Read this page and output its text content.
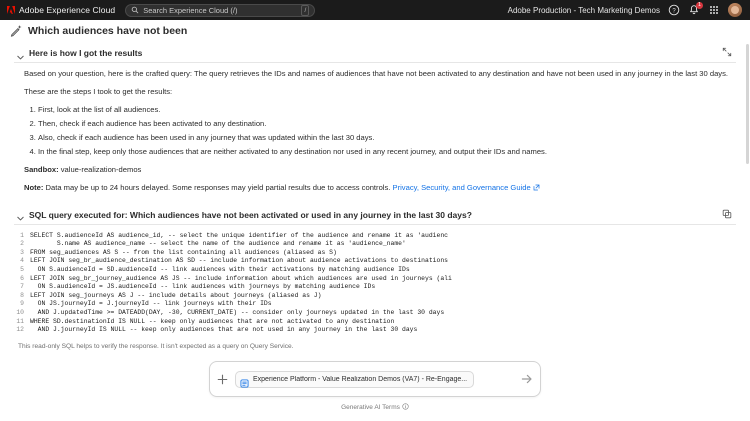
Adobe Experience Cloud	Search Experience Cloud (/)	/	Adobe Production - Tech Marketing Demos ?
1
Which audiences have not been
Here is how I got the results

Based on your question, here is the crafted query: The query retrieves the IDs and names of audiences that have not been activated to any destination and have not been used in any journey in the last 30 days.

These are the steps I took to get the results:

1. First, look at the list of all audiences.
2. Then, check if each audience has been activated to any destination.
3. Also, check if each audience has been used in any journey that was updated within the last 30 days.
4. In the final step, keep only those audiences that are neither activated to any destination nor used in any recent journey, and output their IDs and names.

Sandbox: value-realization-demos

Note: Data may be up to 24 hours delayed. Some responses may yield partial results due to access controls. Privacy, Security, and Governance Guide

SQL query executed for: Which audiences have not been activated or used in any journey in the last 30 days?
1 SELECT S.audienceId AS audience_id, -- select the unique identifier of the audience and rename it as 'audienc
2 S.name AS audience_name -- select the name of the audience and rename it as 'audience_name'
3 FROM seg_audiences AS S -- from the list containing all audiences (aliased as S)
4 LEFT JOIN seg_br_audience_destination AS SD -- include information about audience activations to destinations
5 ON S.audienceId = SD.audienceId -- link audiences with their activations by matching audience IDs
6 LEFT JOIN seg_br_journey_audience AS JS -- include information about which audiences are used in journeys (ali
7 ON S.audienceId = JS.audienceId -- link audiences with journeys by matching audience IDs
8 LEFT JOIN seg_journeys AS J -- include details about journeys (aliased as J)
9 ON JS.journeyId = J.journeyId -- link journeys with their IDs
10 AND J.updatedTime >= DATEADD(DAY, -30, CURRENT_DATE) -- consider only journeys updated in the last 30 days
11 WHERE SD.destinationId IS NULL -- keep only audiences that are not activated to any destination
12 AND J.journeyId IS NULL -- keep only audiences that are not used in any journey in the last 30 days
This read-only SQL helps to verify the response. It isn't expected as a query on Query Service.
Experience Platform - Value Realization Demos (VA7) - Re-Engage...
Generative AI Terms
